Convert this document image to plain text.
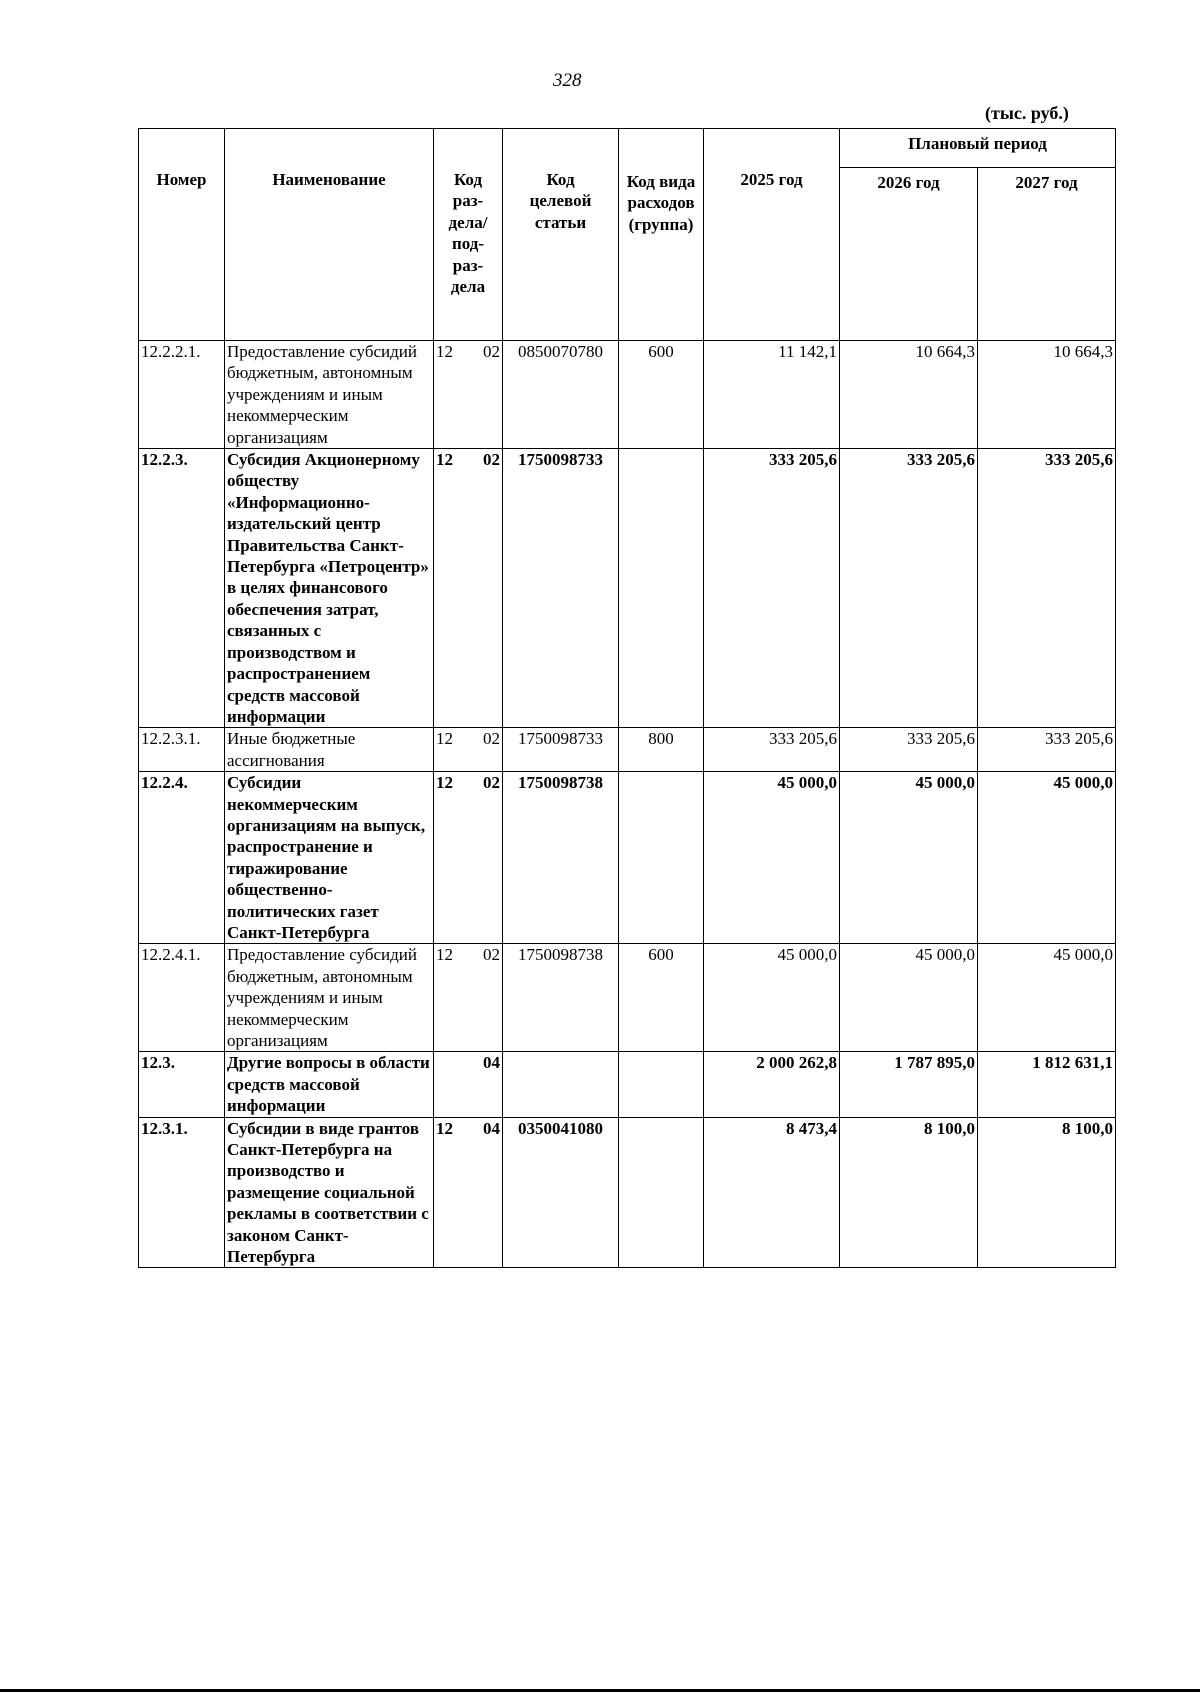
328
(тыс. руб.)
Номер	Наименование	Код раз-дела/ под-раз-дела	Код целевой статьи	Код вида расходов (группа)	2025 год	Плановый период	
						2026 год	2027 год
12.2.2.1.	Предоставление субсидий бюджетным, автономным учреждениям и иным некоммерческим организациям	12 02	0850070780	600	11 142,1	10 664,3	10 664,3
12.2.3.	Субсидия Акционерному обществу «Информационно-издательский центр Правительства Санкт-Петербурга «Петроцентр» в целях финансового обеспечения затрат, связанных с производством и распространением средств массовой информации	12 02	1750098733		333 205,6	333 205,6	333 205,6
12.2.3.1.	Иные бюджетные ассигнования	12 02	1750098733	800	333 205,6	333 205,6	333 205,6
12.2.4.	Субсидии некоммерческим организациям на выпуск, распространение и тиражирование общественно-политических газет Санкт-Петербурга	12 02	1750098738		45 000,0	45 000,0	45 000,0
12.2.4.1.	Предоставление субсидий бюджетным, автономным учреждениям и иным некоммерческим организациям	12 02	1750098738	600	45 000,0	45 000,0	45 000,0
12.3.	Другие вопросы в области средств массовой информации	04			2 000 262,8	1 787 895,0	1 812 631,1
12.3.1.	Субсидии в виде грантов Санкт-Петербурга на производство и размещение социальной рекламы в соответствии с законом Санкт-Петербурга	12 04	0350041080		8 473,4	8 100,0	8 100,0
